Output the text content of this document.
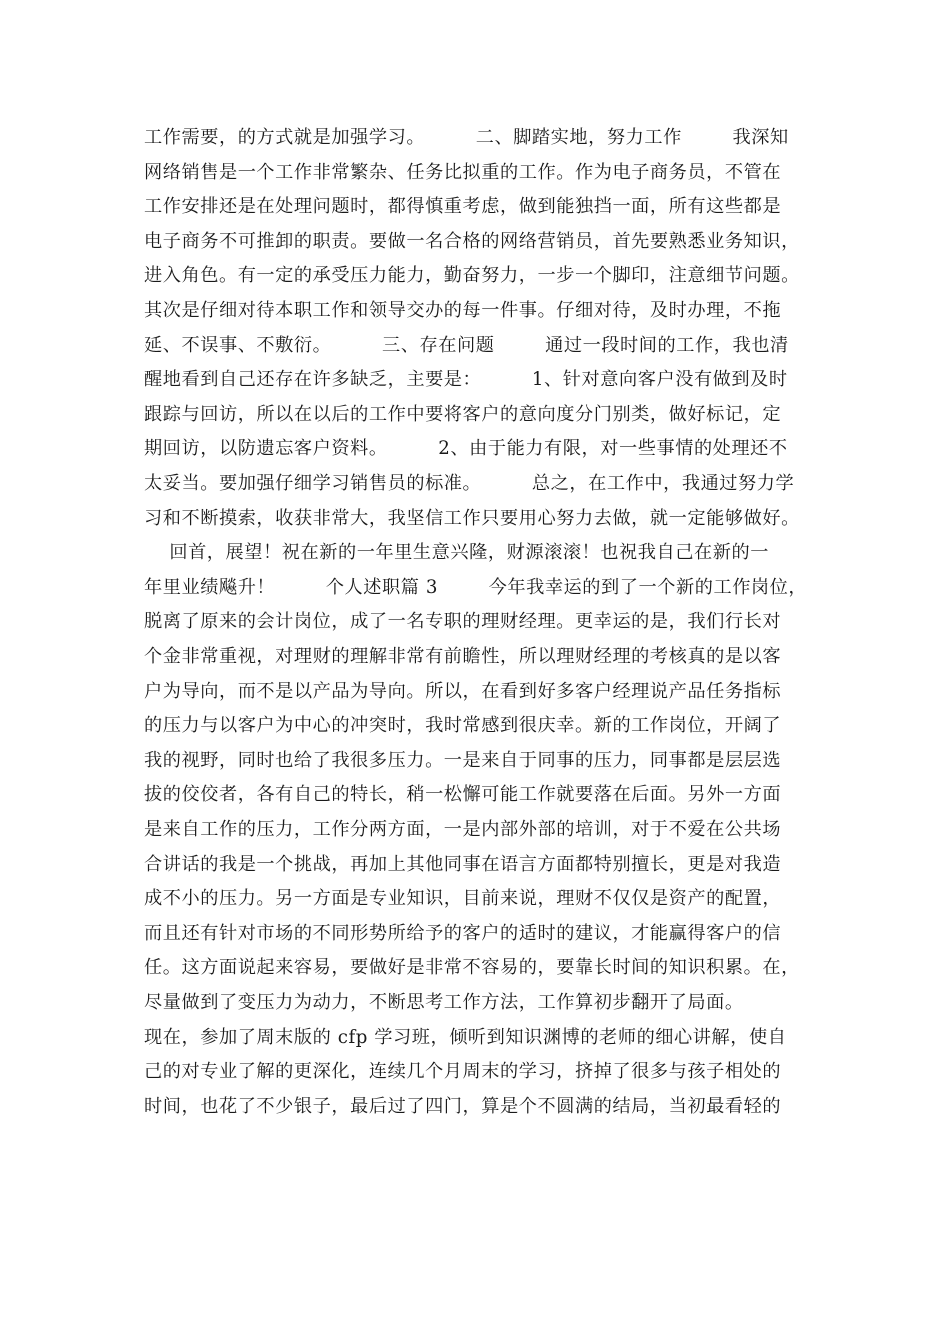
工作需要，的方式就是加强学习。        二、脚踏实地，努力工作        我深知
网络销售是一个工作非常繁杂、任务比拟重的工作。作为电子商务员，不管在
工作安排还是在处理问题时，都得慎重考虑，做到能独挡一面，所有这些都是
电子商务不可推卸的职责。要做一名合格的网络营销员，首先要熟悉业务知识，
进入角色。有一定的承受压力能力，勤奋努力，一步一个脚印，注意细节问题。
其次是仔细对待本职工作和领导交办的每一件事。仔细对待，及时办理，不拖
延、不误事、不敷衍。        三、存在问题        通过一段时间的工作，我也清
醒地看到自己还存在许多缺乏，主要是：        1、针对意向客户没有做到及时
跟踪与回访，所以在以后的工作中要将客户的意向度分门别类，做好标记，定
期回访，以防遗忘客户资料。        2、由于能力有限，对一些事情的处理还不
太妥当。要加强仔细学习销售员的标准。        总之，在工作中，我通过努力学
习和不断摸索，收获非常大，我坚信工作只要用心努力去做，就一定能够做好。
回首，展望！祝在新的一年里生意兴隆，财源滚滚！也祝我自己在新的一
年里业绩飚升！        个人述职篇 3        今年我幸运的到了一个新的工作岗位，
脱离了原来的会计岗位，成了一名专职的理财经理。更幸运的是，我们行长对
个金非常重视，对理财的理解非常有前瞻性，所以理财经理的考核真的是以客
户为导向，而不是以产品为导向。所以，在看到好多客户经理说产品任务指标
的压力与以客户为中心的冲突时，我时常感到很庆幸。新的工作岗位，开阔了
我的视野，同时也给了我很多压力。一是来自于同事的压力，同事都是层层选
拔的佼佼者，各有自己的特长，稍一松懈可能工作就要落在后面。另外一方面
是来自工作的压力，工作分两方面，一是内部外部的培训，对于不爱在公共场
合讲话的我是一个挑战，再加上其他同事在语言方面都特别擅长，更是对我造
成不小的压力。另一方面是专业知识，目前来说，理财不仅仅是资产的配置，
而且还有针对市场的不同形势所给予的客户的适时的建议，才能赢得客户的信
任。这方面说起来容易，要做好是非常不容易的，要靠长时间的知识积累。在，
尽量做到了变压力为动力，不断思考工作方法，工作算初步翻开了局面。
现在，参加了周末版的 cfp 学习班，倾听到知识渊博的老师的细心讲解，使自
己的对专业了解的更深化，连续几个月周末的学习，挤掉了很多与孩子相处的
时间，也花了不少银子，最后过了四门，算是个不圆满的结局，当初最看轻的
